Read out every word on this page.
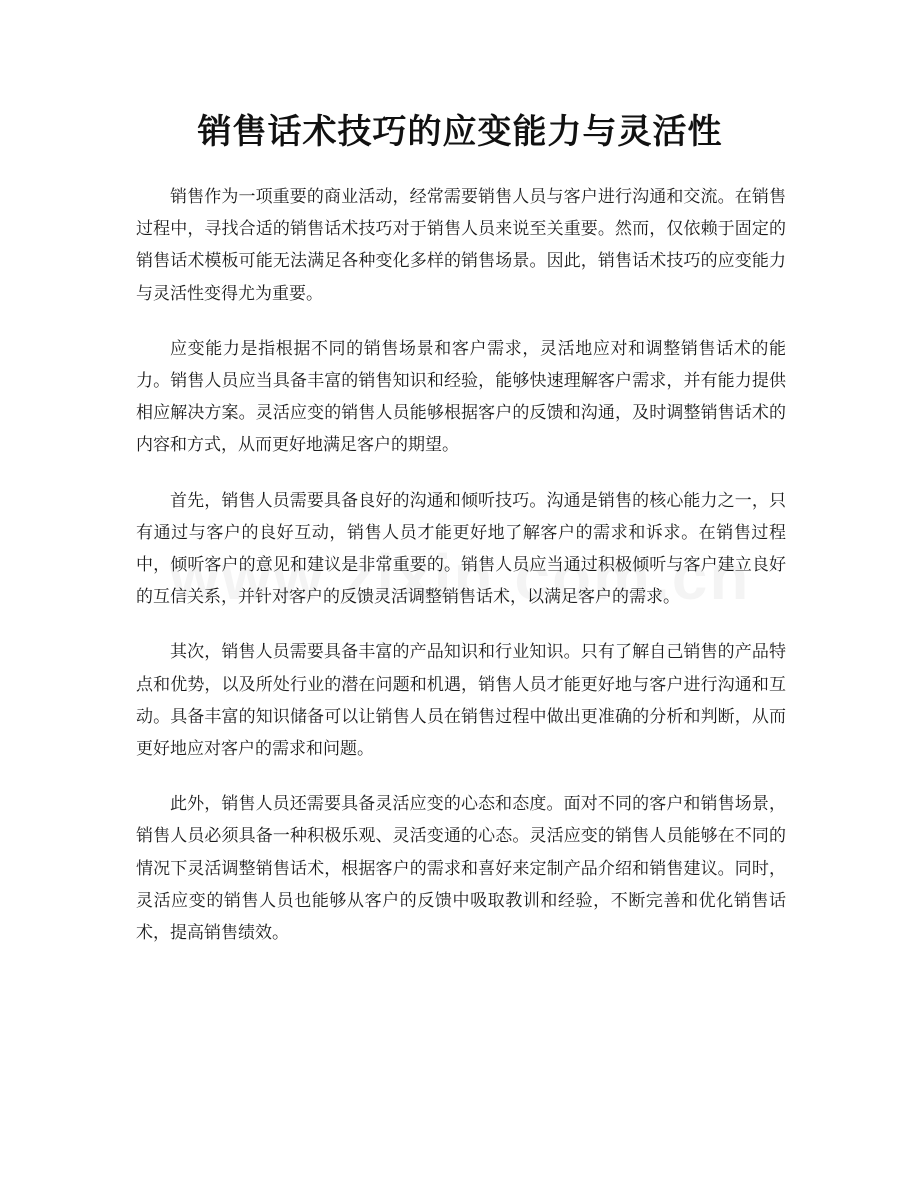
销售话术技巧的应变能力与灵活性

销售作为一项重要的商业活动，经常需要销售人员与客户进行沟通和交流。在销售过程中，寻找合适的销售话术技巧对于销售人员来说至关重要。然而，仅依赖于固定的销售话术模板可能无法满足各种变化多样的销售场景。因此，销售话术技巧的应变能力与灵活性变得尤为重要。

应变能力是指根据不同的销售场景和客户需求，灵活地应对和调整销售话术的能力。销售人员应当具备丰富的销售知识和经验，能够快速理解客户需求，并有能力提供相应解决方案。灵活应变的销售人员能够根据客户的反馈和沟通，及时调整销售话术的内容和方式，从而更好地满足客户的期望。

首先，销售人员需要具备良好的沟通和倾听技巧。沟通是销售的核心能力之一，只有通过与客户的良好互动，销售人员才能更好地了解客户的需求和诉求。在销售过程中，倾听客户的意见和建议是非常重要的。销售人员应当通过积极倾听与客户建立良好的互信关系，并针对客户的反馈灵活调整销售话术，以满足客户的需求。

其次，销售人员需要具备丰富的产品知识和行业知识。只有了解自己销售的产品特点和优势，以及所处行业的潜在问题和机遇，销售人员才能更好地与客户进行沟通和互动。具备丰富的知识储备可以让销售人员在销售过程中做出更准确的分析和判断，从而更好地应对客户的需求和问题。

此外，销售人员还需要具备灵活应变的心态和态度。面对不同的客户和销售场景，销售人员必须具备一种积极乐观、灵活变通的心态。灵活应变的销售人员能够在不同的情况下灵活调整销售话术，根据客户的需求和喜好来定制产品介绍和销售建议。同时，灵活应变的销售人员也能够从客户的反馈中吸取教训和经验，不断完善和优化销售话术，提高销售绩效。
